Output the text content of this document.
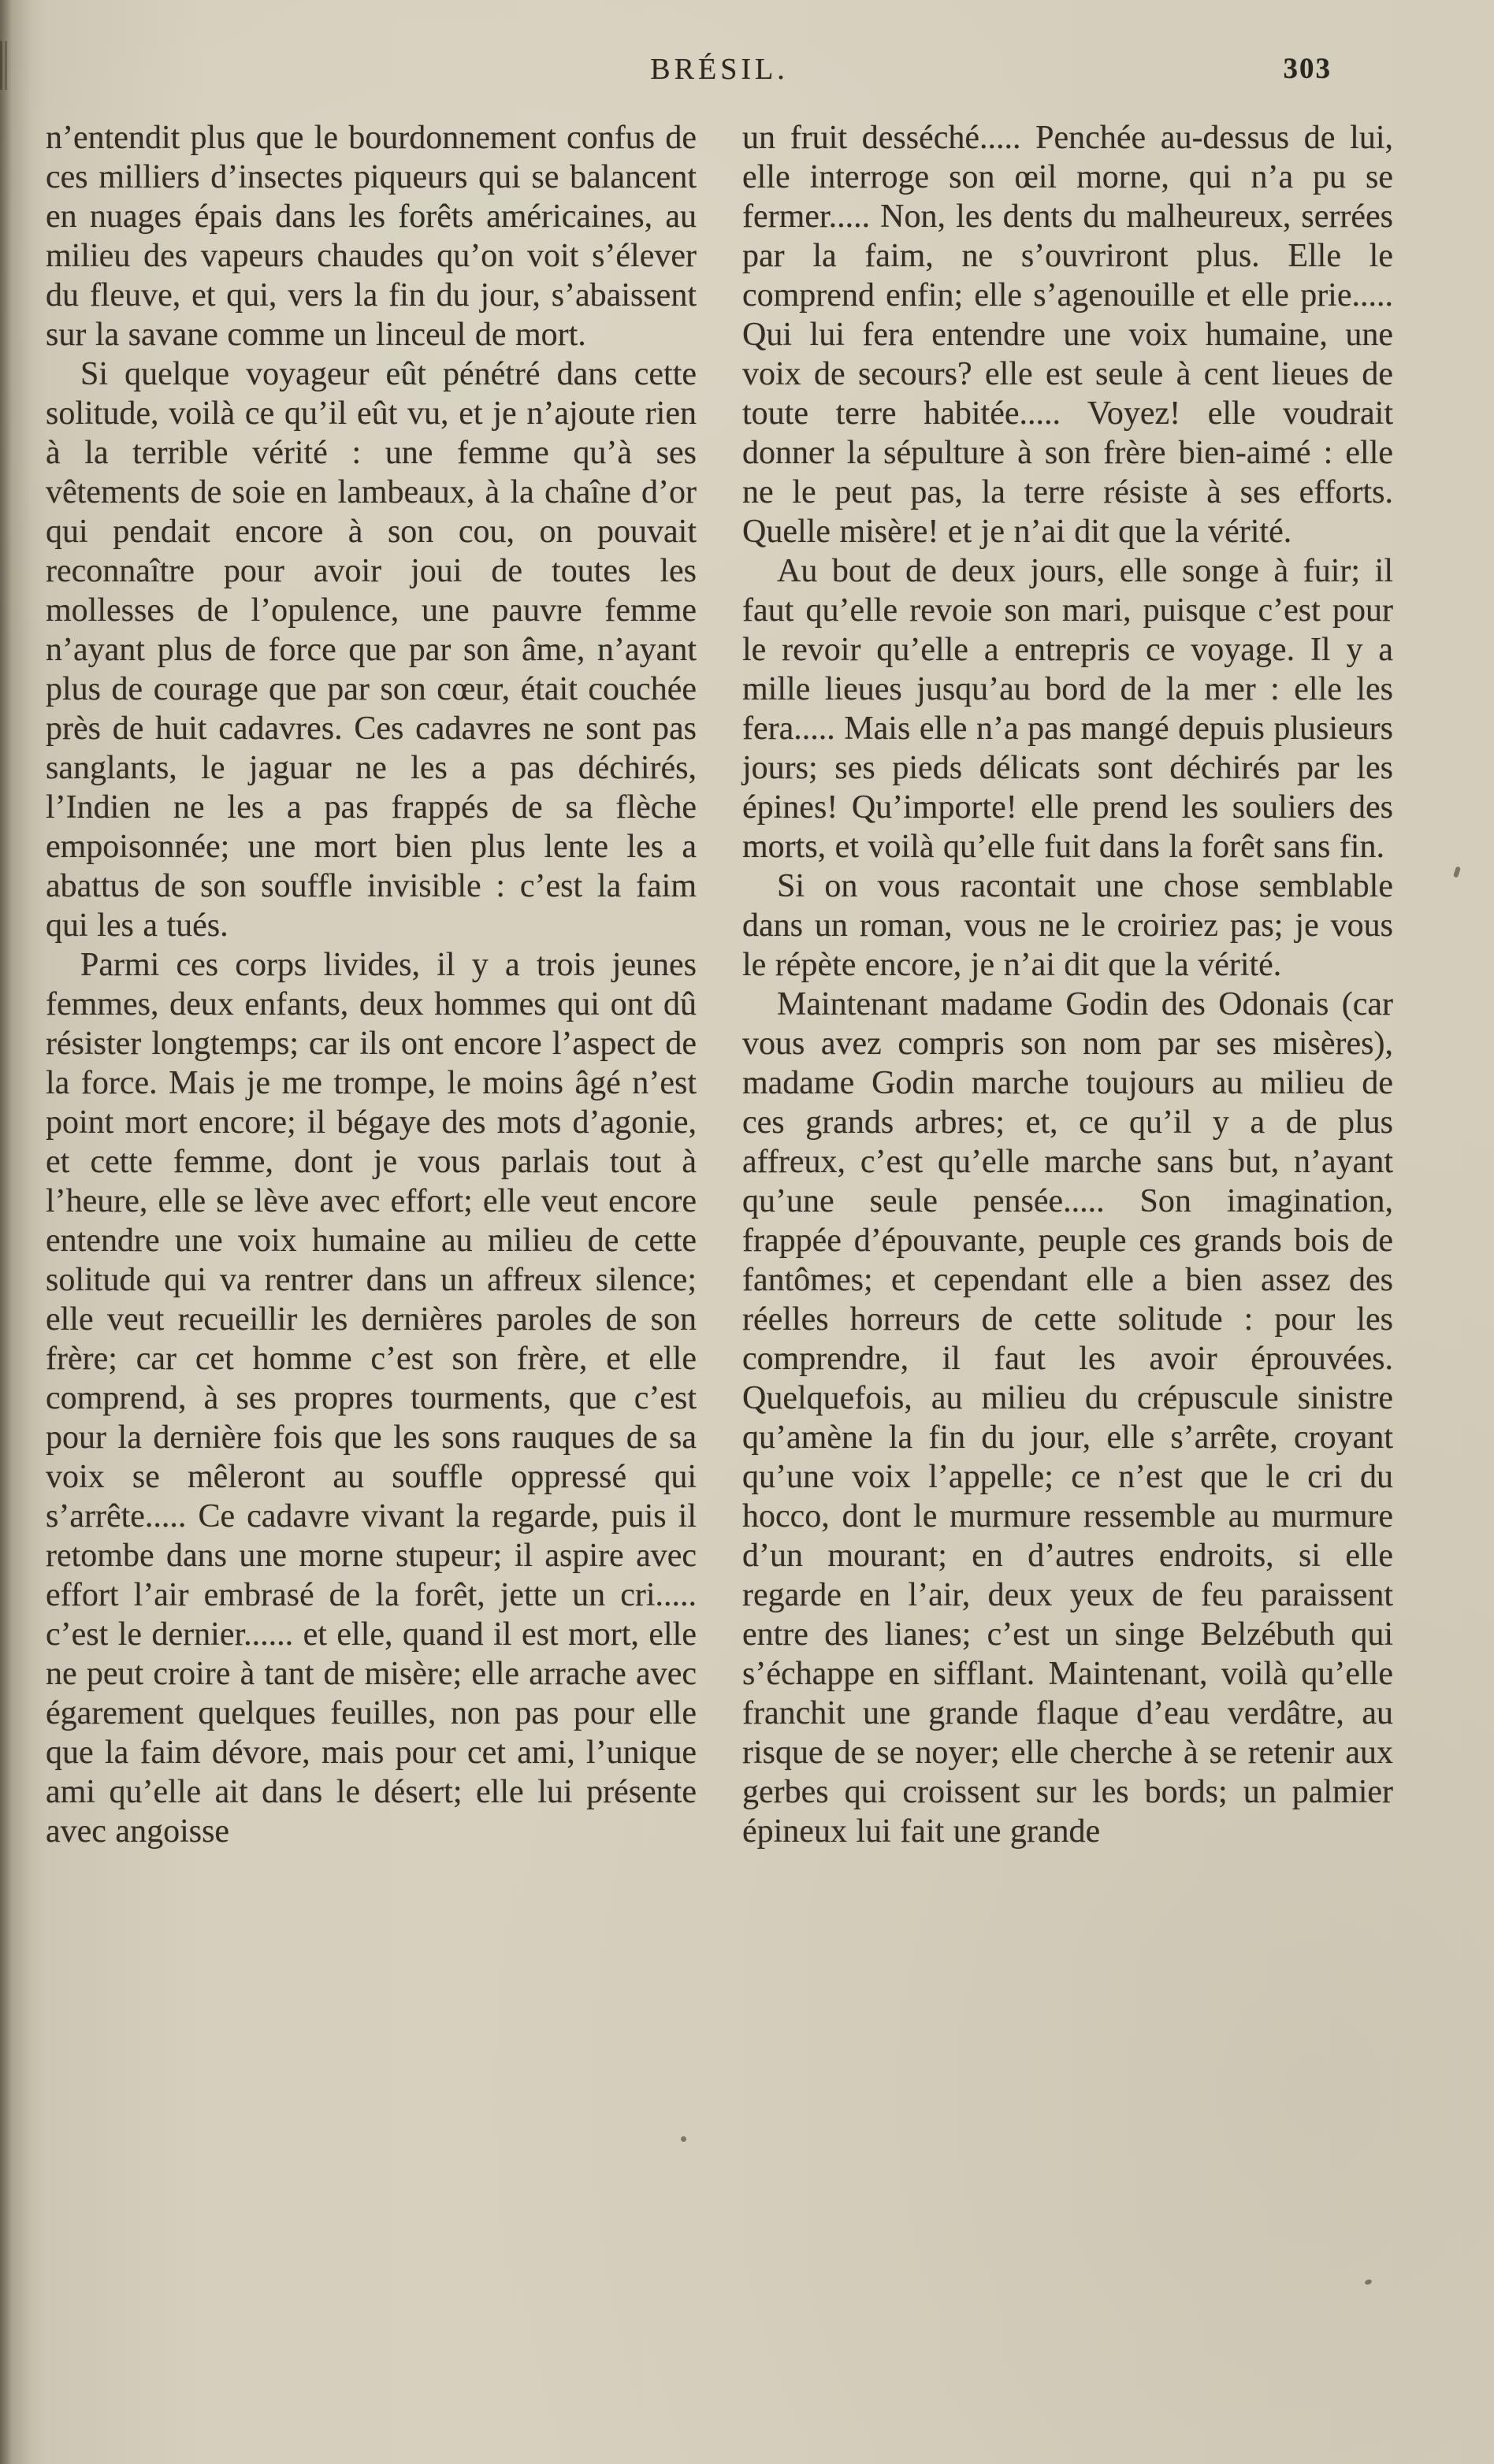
BRÉSIL.	303

n’entendit plus que le bourdonnement confus de ces milliers d’insectes piqueurs qui se balancent en nuages épais dans les forêts américaines, au milieu des vapeurs chaudes qu’on voit s’élever du fleuve, et qui, vers la fin du jour, s’abaissent sur la savane comme un linceul de mort.

Si quelque voyageur eût pénétré dans cette solitude, voilà ce qu’il eût vu, et je n’ajoute rien à la terrible vérité : une femme qu’à ses vêtements de soie en lambeaux, à la chaîne d’or qui pendait encore à son cou, on pouvait reconnaître pour avoir joui de toutes les mollesses de l’opulence, une pauvre femme n’ayant plus de force que par son âme, n’ayant plus de courage que par son cœur, était couchée près de huit cadavres. Ces cadavres ne sont pas sanglants, le jaguar ne les a pas déchirés, l’Indien ne les a pas frappés de sa flèche empoisonnée; une mort bien plus lente les a abattus de son souffle invisible : c’est la faim qui les a tués.

Parmi ces corps livides, il y a trois jeunes femmes, deux enfants, deux hommes qui ont dû résister longtemps; car ils ont encore l’aspect de la force. Mais je me trompe, le moins âgé n’est point mort encore; il bégaye des mots d’agonie, et cette femme, dont je vous parlais tout à l’heure, elle se lève avec effort; elle veut encore entendre une voix humaine au milieu de cette solitude qui va rentrer dans un affreux silence; elle veut recueillir les dernières paroles de son frère; car cet homme c’est son frère, et elle comprend, à ses propres tourments, que c’est pour la dernière fois que les sons rauques de sa voix se mêleront au souffle oppressé qui s’arrête..... Ce cadavre vivant la regarde, puis il retombe dans une morne stupeur; il aspire avec effort l’air embrasé de la forêt, jette un cri..... c’est le dernier...... et elle, quand il est mort, elle ne peut croire à tant de misère; elle arrache avec égarement quelques feuilles, non pas pour elle que la faim dévore, mais pour cet ami, l’unique ami qu’elle ait dans le désert; elle lui présente avec angoisse

un fruit desséché..... Penchée au-dessus de lui, elle interroge son œil morne, qui n’a pu se fermer..... Non, les dents du malheureux, serrées par la faim, ne s’ouvriront plus. Elle le comprend enfin; elle s’agenouille et elle prie..... Qui lui fera entendre une voix humaine, une voix de secours? elle est seule à cent lieues de toute terre habitée..... Voyez! elle voudrait donner la sépulture à son frère bien-aimé : elle ne le peut pas, la terre résiste à ses efforts. Quelle misère! et je n’ai dit que la vérité.

Au bout de deux jours, elle songe à fuir; il faut qu’elle revoie son mari, puisque c’est pour le revoir qu’elle a entrepris ce voyage. Il y a mille lieues jusqu’au bord de la mer : elle les fera..... Mais elle n’a pas mangé depuis plusieurs jours; ses pieds délicats sont déchirés par les épines! Qu’importe! elle prend les souliers des morts, et voilà qu’elle fuit dans la forêt sans fin.

Si on vous racontait une chose semblable dans un roman, vous ne le croiriez pas; je vous le répète encore, je n’ai dit que la vérité.

Maintenant madame Godin des Odonais (car vous avez compris son nom par ses misères), madame Godin marche toujours au milieu de ces grands arbres; et, ce qu’il y a de plus affreux, c’est qu’elle marche sans but, n’ayant qu’une seule pensée..... Son imagination, frappée d’épouvante, peuple ces grands bois de fantômes; et cependant elle a bien assez des réelles horreurs de cette solitude : pour les comprendre, il faut les avoir éprouvées. Quelquefois, au milieu du crépuscule sinistre qu’amène la fin du jour, elle s’arrête, croyant qu’une voix l’appelle; ce n’est que le cri du hocco, dont le murmure ressemble au murmure d’un mourant; en d’autres endroits, si elle regarde en l’air, deux yeux de feu paraissent entre des lianes; c’est un singe Belzébuth qui s’échappe en sifflant. Maintenant, voilà qu’elle franchit une grande flaque d’eau verdâtre, au risque de se noyer; elle cherche à se retenir aux gerbes qui croissent sur les bords; un palmier épineux lui fait une grande
